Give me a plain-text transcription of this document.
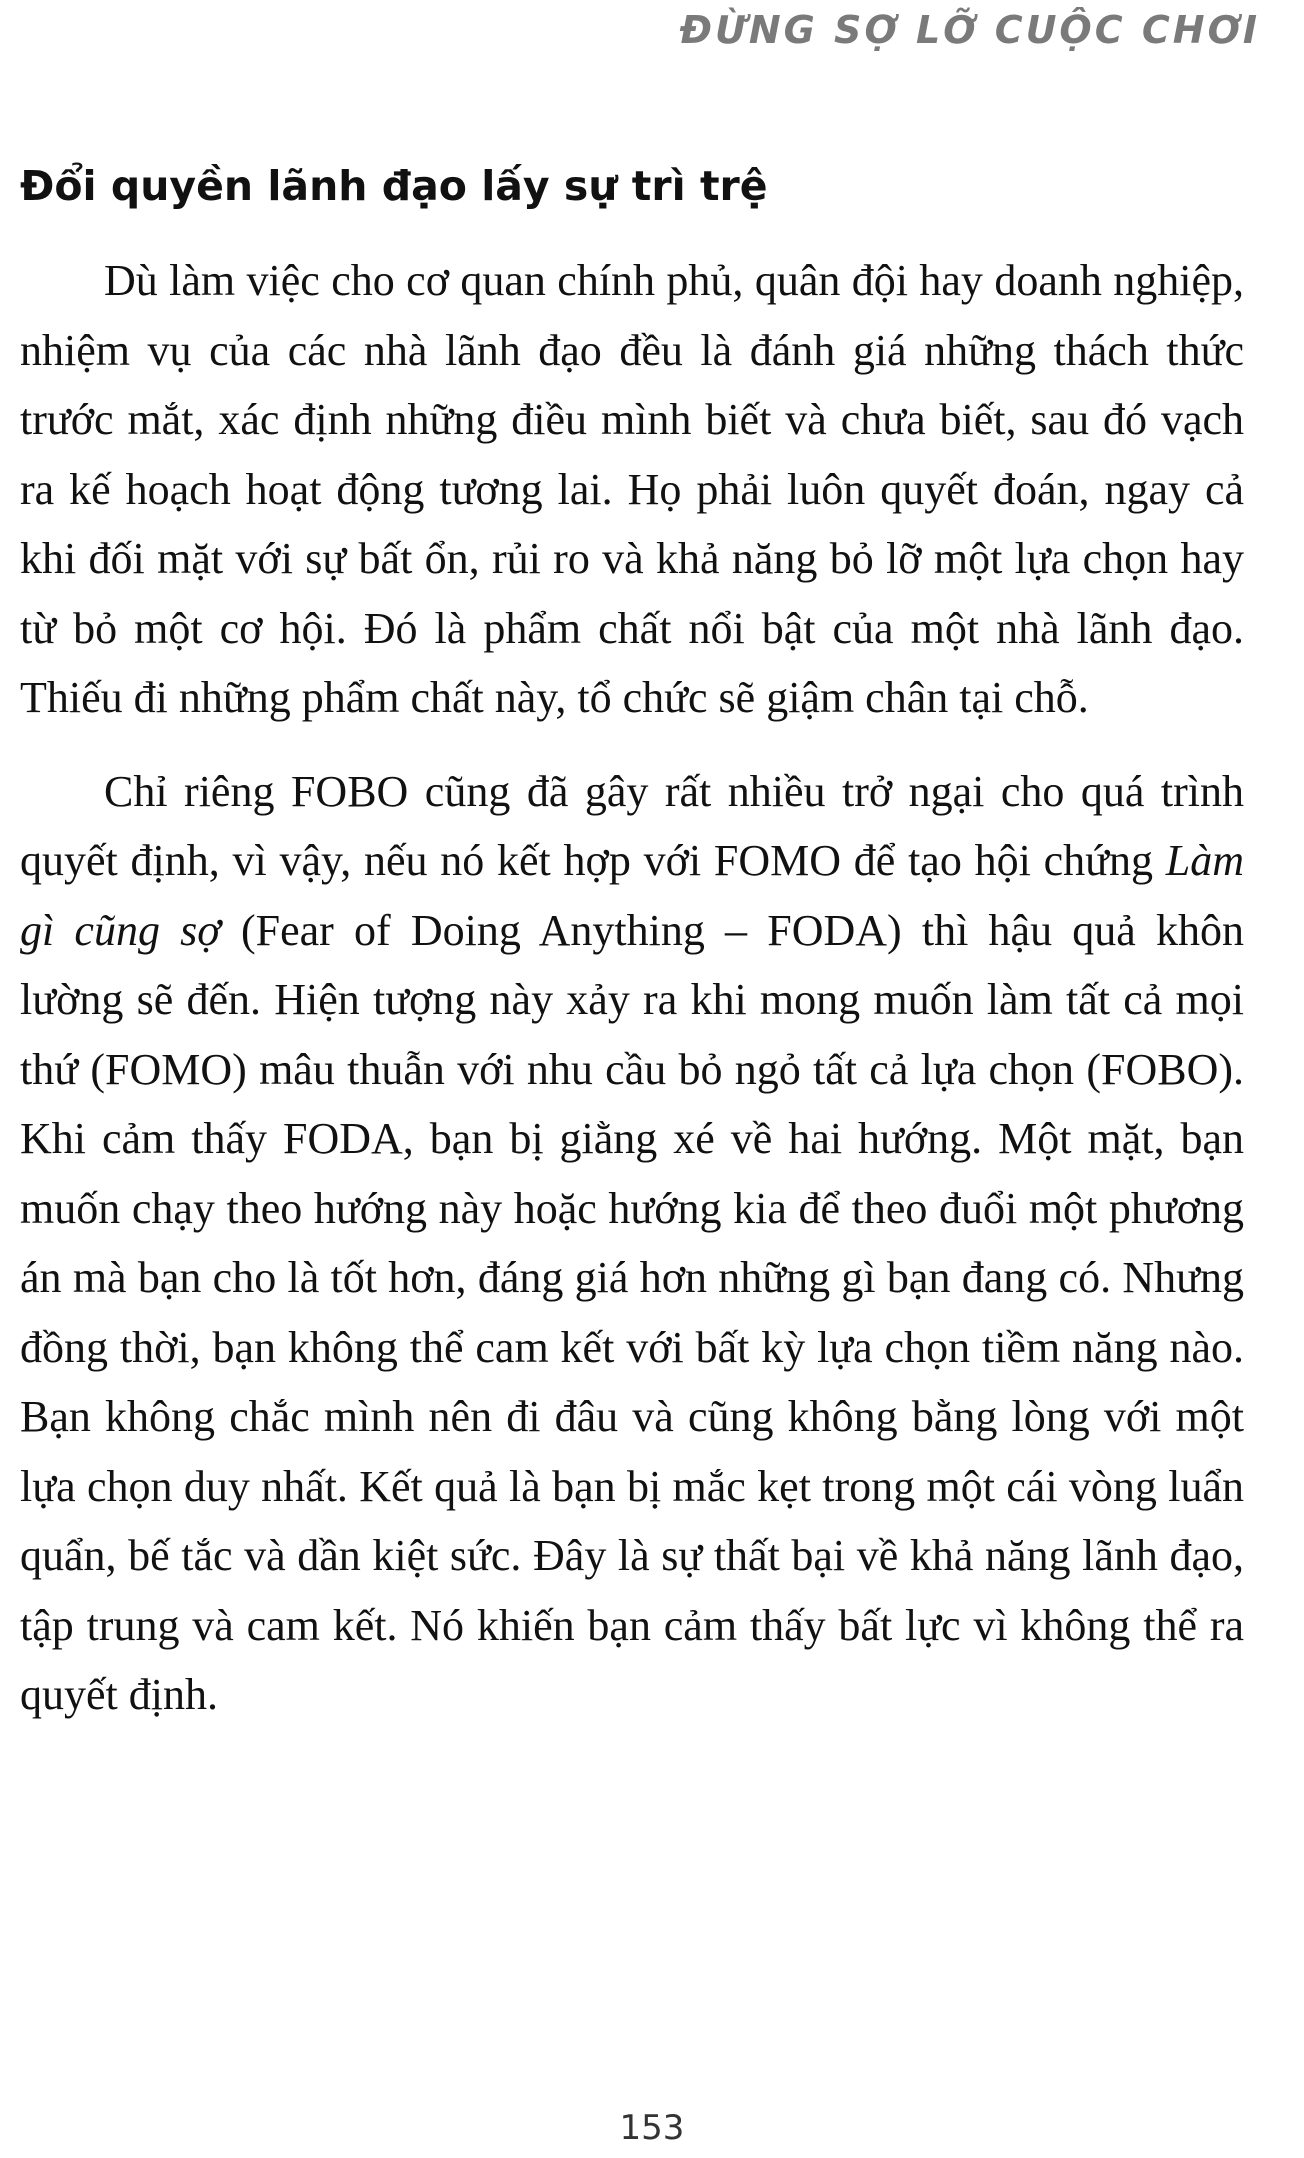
ĐỪNG SỢ LỠ CUỘC CHƠI
Đổi quyền lãnh đạo lấy sự trì trệ

Dù làm việc cho cơ quan chính phủ, quân đội hay doanh nghiệp, nhiệm vụ của các nhà lãnh đạo đều là đánh giá những thách thức trước mắt, xác định những điều mình biết và chưa biết, sau đó vạch ra kế hoạch hoạt động tương lai. Họ phải luôn quyết đoán, ngay cả khi đối mặt với sự bất ổn, rủi ro và khả năng bỏ lỡ một lựa chọn hay từ bỏ một cơ hội. Đó là phẩm chất nổi bật của một nhà lãnh đạo. Thiếu đi những phẩm chất này, tổ chức sẽ giậm chân tại chỗ.

Chỉ riêng FOBO cũng đã gây rất nhiều trở ngại cho quá trình quyết định, vì vậy, nếu nó kết hợp với FOMO để tạo hội chứng Làm gì cũng sợ (Fear of Doing Anything – FODA) thì hậu quả khôn lường sẽ đến. Hiện tượng này xảy ra khi mong muốn làm tất cả mọi thứ (FOMO) mâu thuẫn với nhu cầu bỏ ngỏ tất cả lựa chọn (FOBO). Khi cảm thấy FODA, bạn bị giằng xé về hai hướng. Một mặt, bạn muốn chạy theo hướng này hoặc hướng kia để theo đuổi một phương án mà bạn cho là tốt hơn, đáng giá hơn những gì bạn đang có. Nhưng đồng thời, bạn không thể cam kết với bất kỳ lựa chọn tiềm năng nào. Bạn không chắc mình nên đi đâu và cũng không bằng lòng với một lựa chọn duy nhất. Kết quả là bạn bị mắc kẹt trong một cái vòng luẩn quẩn, bế tắc và dần kiệt sức. Đây là sự thất bại về khả năng lãnh đạo, tập trung và cam kết. Nó khiến bạn cảm thấy bất lực vì không thể ra quyết định.

153
